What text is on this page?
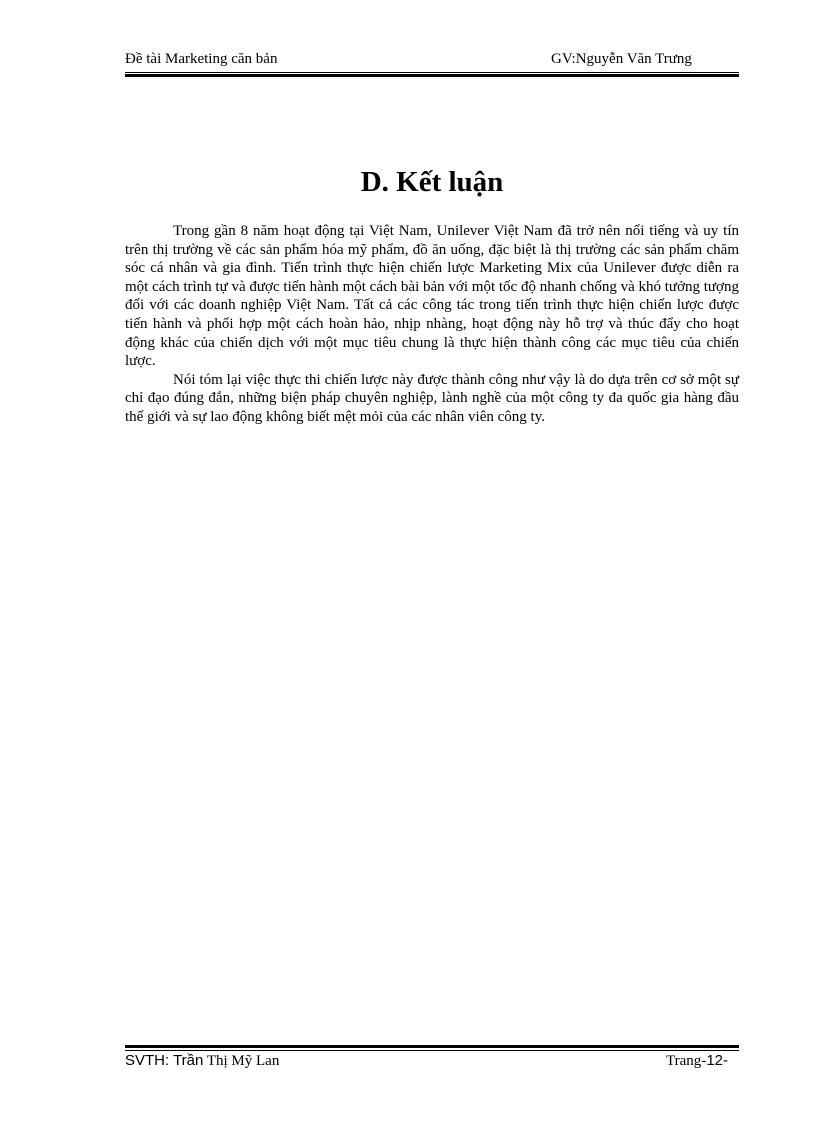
Đề tài Marketing căn bản	GV:Nguyễn Văn Trưng
D. Kết luận

Trong gần 8 năm hoạt động tại Việt Nam, Unilever Việt Nam đã trở nên nổi tiếng và uy tín trên thị trường về các sản phẩm hóa mỹ phẩm, đồ ăn uống, đặc biệt là thị trường các sản phẩm chăm sóc cá nhân và gia đình. Tiến trình thực hiện chiến lược Marketing Mix của Unilever được diễn ra một cách trình tự và được tiến hành một cách bài bản với một tốc độ nhanh chống và khó tưởng tượng đối với các doanh nghiệp Việt Nam. Tất cả các công tác trong tiến trình thực hiện chiến lược được tiến hành và phối hợp một cách hoàn hảo, nhịp nhàng, hoạt động này hỗ trợ và thúc đẩy cho hoạt động khác của chiến dịch với một mục tiêu chung là thực hiện thành công các mục tiêu của chiến lược.

Nói tóm lại việc thực thi chiến lược này được thành công như vậy là do dựa trên cơ sở một sự chỉ đạo đúng đắn, những biện pháp chuyên nghiệp, lành nghề của một công ty đa quốc gia hàng đầu thế giới và sự lao động không biết mệt mỏi của các nhân viên công ty.

SVTH: Trần Thị Mỹ Lan	Trang-12-
